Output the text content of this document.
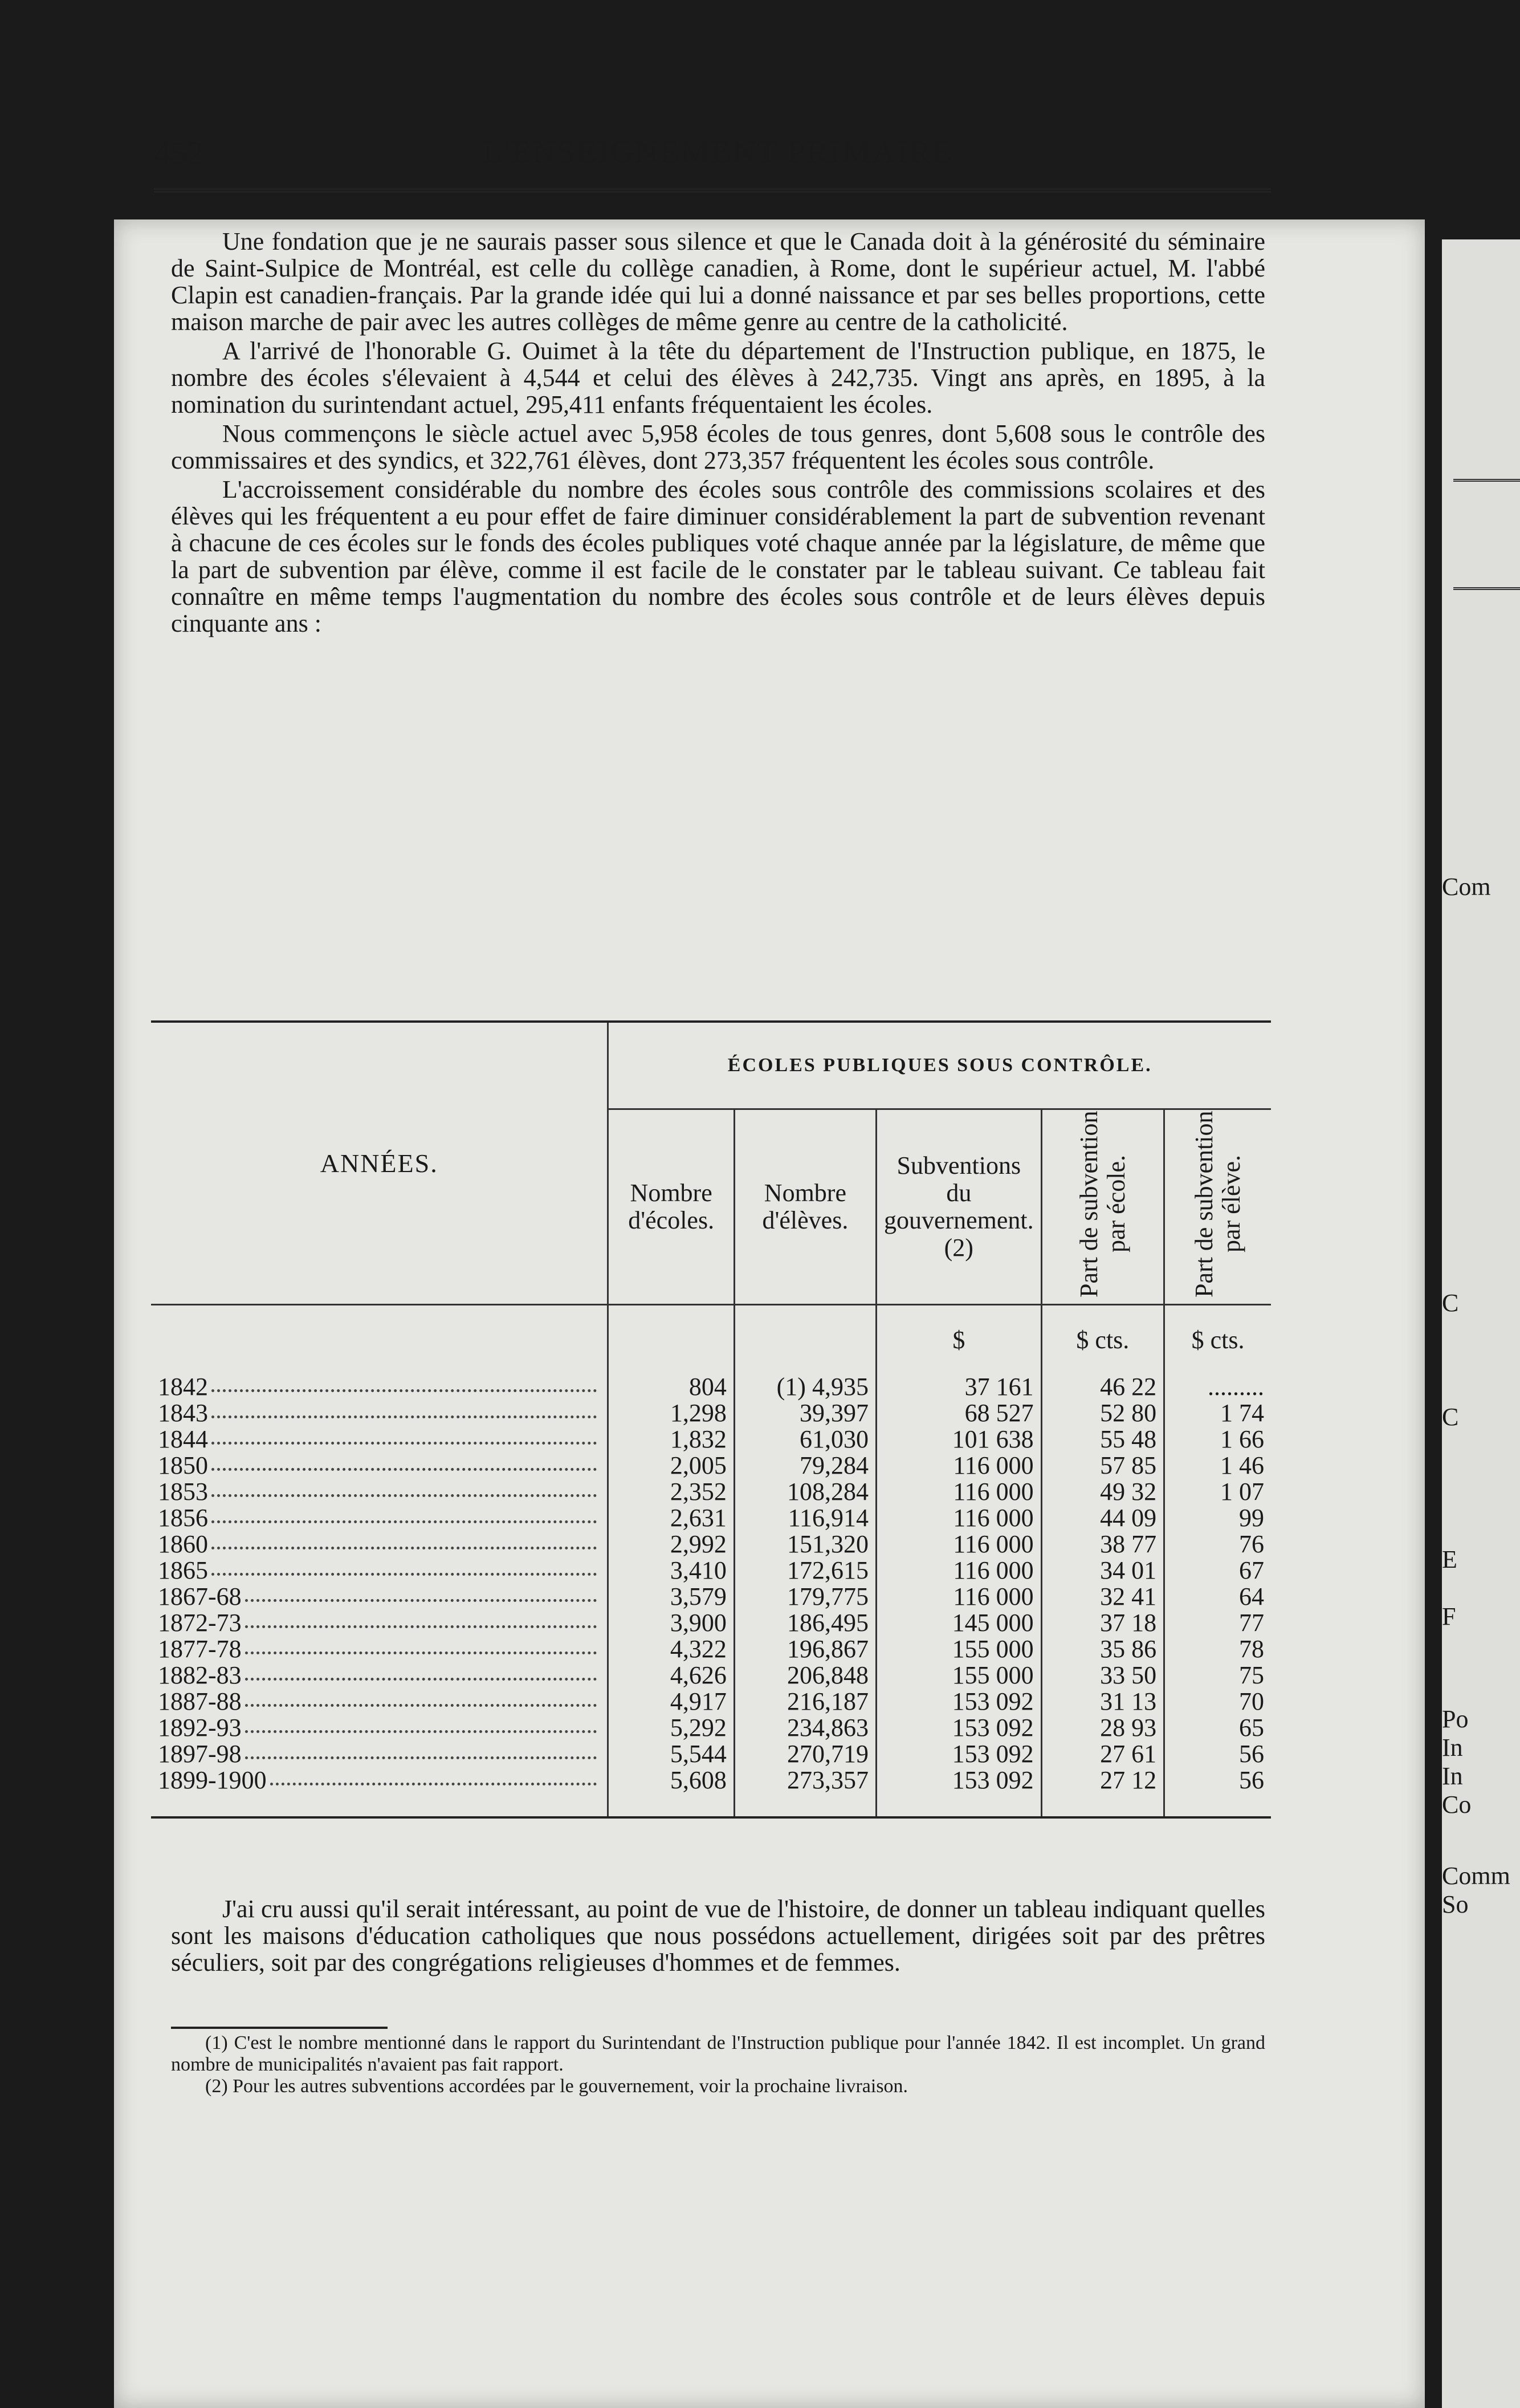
Com
C
C
E
F
Po
In
In
Co
Comm
So
452	L'ENSEIGNEMENT PRIMAIRE

Une fondation que je ne saurais passer sous silence et que le Canada doit à la générosité du séminaire de Saint-Sulpice de Montréal, est celle du collège canadien, à Rome, dont le supérieur actuel, M. l'abbé Clapin est canadien-français. Par la grande idée qui lui a donné naissance et par ses belles proportions, cette maison marche de pair avec les autres collèges de même genre au centre de la catholicité.

A l'arrivé de l'honorable G. Ouimet à la tête du département de l'Instruction publique, en 1875, le nombre des écoles s'élevaient à 4,544 et celui des élèves à 242,735. Vingt ans après, en 1895, à la nomination du surintendant actuel, 295,411 enfants fréquentaient les écoles.

Nous commençons le siècle actuel avec 5,958 écoles de tous genres, dont 5,608 sous le contrôle des commissaires et des syndics, et 322,761 élèves, dont 273,357 fréquentent les écoles sous contrôle.

L'accroissement considérable du nombre des écoles sous contrôle des commissions scolaires et des élèves qui les fréquentent a eu pour effet de faire diminuer considérablement la part de subvention revenant à chacune de ces écoles sur le fonds des écoles publiques voté chaque année par la législature, de même que la part de subvention par élève, comme il est facile de le constater par le tableau suivant. Ce tableau fait connaître en même temps l'augmentation du nombre des écoles sous contrôle et de leurs élèves depuis cinquante ans :

ANNÉES.	ÉCOLES PUBLIQUES SOUS CONTRÔLE.				
	Nombre d'écoles.	Nombre d'élèves.	Subventions du gouvernement. (2)	Part de subvention par école.	Part de subvention par élève.
			$	$ cts.	$ cts.

1842	804	(1) 4,935	37 161	46 22	.........

1843	1,298	39,397	68 527	52 80	1 74

1844	1,832	61,030	101 638	55 48	1 66

1850	2,005	79,284	116 000	57 85	1 46

1853	2,352	108,284	116 000	49 32	1 07

1856	2,631	116,914	116 000	44 09	99

1860	2,992	151,320	116 000	38 77	76

1865	3,410	172,615	116 000	34 01	67

1867-68	3,579	179,775	116 000	32 41	64

1872-73	3,900	186,495	145 000	37 18	77

1877-78	4,322	196,867	155 000	35 86	78

1882-83	4,626	206,848	155 000	33 50	75

1887-88	4,917	216,187	153 092	31 13	70

1892-93	5,292	234,863	153 092	28 93	65

1897-98	5,544	270,719	153 092	27 61	56

1899-1900	5,608	273,357	153 092	27 12	56

J'ai cru aussi qu'il serait intéressant, au point de vue de l'histoire, de donner un tableau indiquant quelles sont les maisons d'éducation catholiques que nous possédons actuellement, dirigées soit par des prêtres séculiers, soit par des congrégations religieuses d'hommes et de femmes.

(1) C'est le nombre mentionné dans le rapport du Surintendant de l'Instruction publique pour l'année 1842. Il est incomplet. Un grand nombre de municipalités n'avaient pas fait rapport.

(2) Pour les autres subventions accordées par le gouvernement, voir la prochaine livraison.
